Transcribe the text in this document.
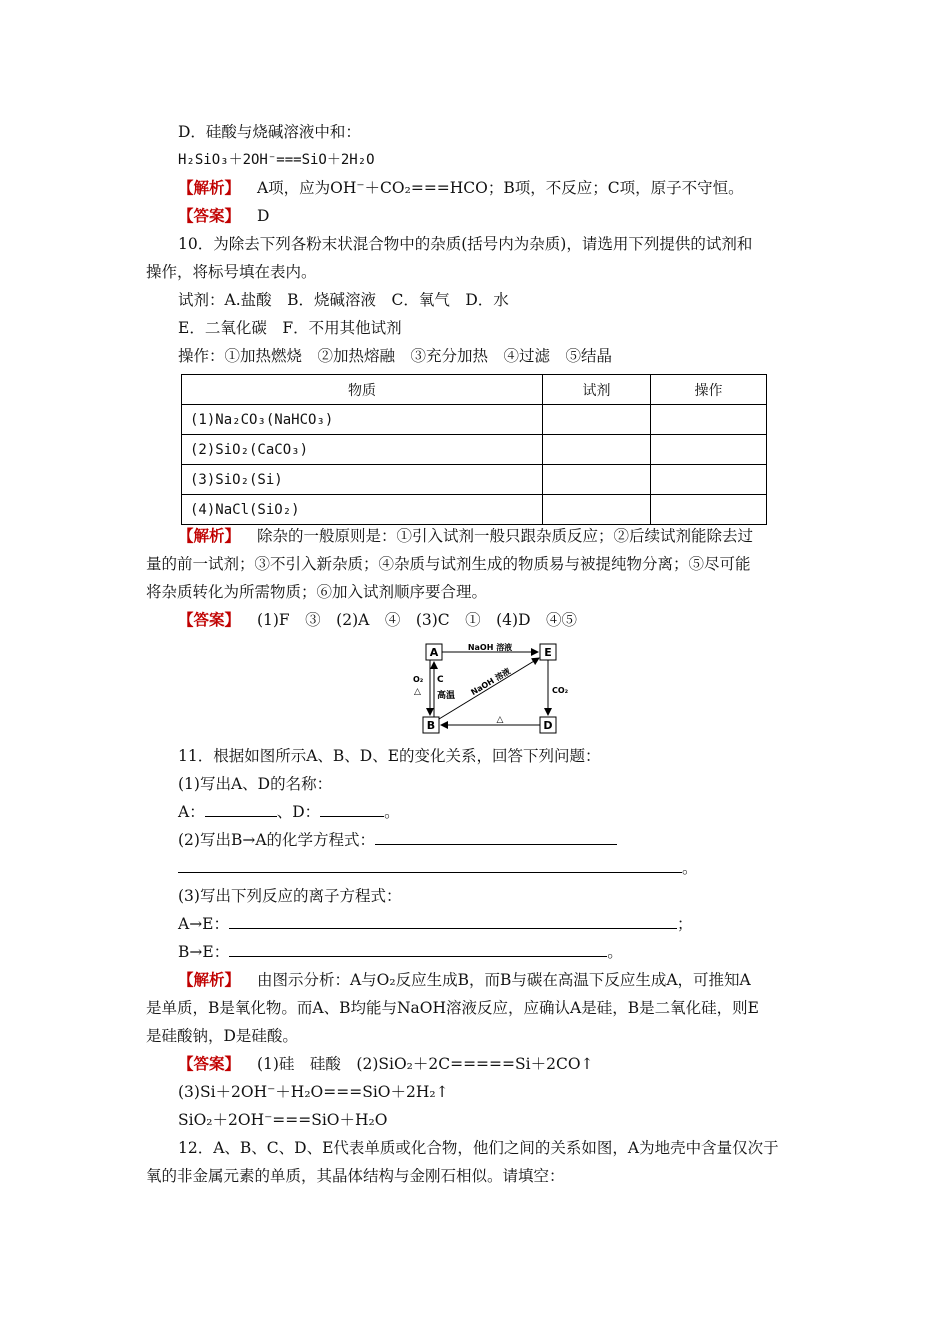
D．硅酸与烧碱溶液中和：
H₂SiO₃＋2OH⁻===SiO＋2H₂O
【解析】 A项，应为OH⁻＋CO₂===HCO；B项，不反应；C项，原子不守恒。
【答案】 D
10．为除去下列各粉末状混合物中的杂质(括号内为杂质)，请选用下列提供的试剂和
操作，将标号填在表内。
试剂：A.盐酸　B．烧碱溶液　C．氧气　D．水
E．二氧化碳　F．不用其他试剂
操作：①加热燃烧　②加热熔融　③充分加热　④过滤　⑤结晶
物质	试剂	操作
(1)Na₂CO₃(NaHCO₃)		
(2)SiO₂(CaCO₃)		
(3)SiO₂(Si)		
(4)NaCl(SiO₂)		
【解析】 除杂的一般原则是：①引入试剂一般只跟杂质反应；②后续试剂能除去过
量的前一试剂；③不引入新杂质；④杂质与试剂生成的物质易与被提纯物分离；⑤尽可能
将杂质转化为所需物质；⑥加入试剂顺序要合理。
【答案】 (1)F　③　(2)A　④　(3)C　①　(4)D　④⑤
A	E
B	D
NaOH 溶液
NaOH 溶液	CO₂
△
O₂
△
C
高温
11．根据如图所示A、B、D、E的变化关系，回答下列问题：
(1)写出A、D的名称：
A：	、D：	。
(2)写出B→A的化学方程式：
。
(3)写出下列反应的离子方程式：
A→E：	；
B→E：	。
【解析】 由图示分析：A与O₂反应生成B，而B与碳在高温下反应生成A，可推知A
是单质，B是氧化物。而A、B均能与NaOH溶液反应，应确认A是硅，B是二氧化硅，则E
是硅酸钠，D是硅酸。
【答案】 (1)硅　硅酸　(2)SiO₂＋2C=====Si＋2CO↑
(3)Si＋2OH⁻＋H₂O===SiO＋2H₂↑
SiO₂＋2OH⁻===SiO＋H₂O
12．A、B、C、D、E代表单质或化合物，他们之间的关系如图，A为地壳中含量仅次于
氧的非金属元素的单质，其晶体结构与金刚石相似。请填空：
